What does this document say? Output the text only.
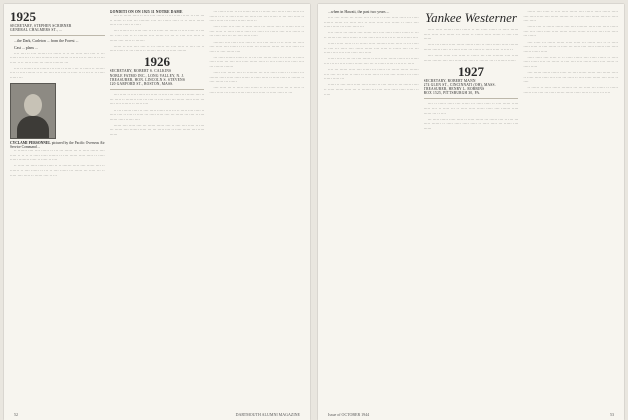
1925
SECRETARY, STEPHEN SCRIBNER
GENERAL CHALMERS ST., ...

...the Dark, Carleton ... from the Forest ...

Cast ... plans ...

···· ···· ·· ···· ······· ··· ······ ·· ·· ··· ····· ···· ···· ·· ··· ······ ···· ··· · ·· ···· ········ ···· ······· ·· ···· ··· ·· ···· ·· ·· ··· ····· ·· ·· ····· ····· ··· ······ ········ ···

···· ·· ······· ···· ······· ··· ···· ·· ····· · ··· ·· ······ ·· ······· ···· ·· ···· ······· ·· ·· ··· ···· ···· ···· ·· ····· ·· ·· ··· ·· ·· ····· ······ ···

CYCLAMI PERSONNEL pictured by the Pacific Overseas Air Service Command ...

·· ······· ···· ···· ······ ·· ··· ··· ······ ··· ·· ····· ······ ···· ····· ·· ·· ·· ·· ····· ····· ······· ·· ···· ······ ····· ····· ·· ····· ······ ········ ····· ·· ····· ·· ····

·· ····· ··· ····· ······ ····· ·· ·· ······· ····· ···· ······ ···· ·· ······· ·· ···· ······ ·· ··· ·· ···· ······ ··· ······ ··· ····· ··· ·· ····· ···· ····· ·· ······ ···· ·· ···

GONDITI ON ON 1925 11 NOTRE DAME

···· ·· ······ ····· ·· ···· ···· ······ ·· ··· ······ ····· ·· ···· ··· ·· ······ ·· ···· ··· ········ ···· ··· ······ ····· ·· ·· ····· ······ ····· ···· ····· ·· ·····

···· ······· ··· ····· ···· ·· ··· ····· ··· ······ ·· ···· ····· ·· ···· ··· ····· ···· ·· ·· ······· ···· ······ ··· ··· ·· ···· ···· ····· ·· ······ ···· ····· ·· ·······

······ ·· ···· ···· ···· ·· ··· ······ ··· ···· ····· ·· ···· ··· ·· ····· ······ ·· ··· ······ ·· ······· ···· ·· ·· ····· ·······

1926
SECRETARY, ROBERT S. CALKINS
NOBLE FATMO INC., LONG VALLEY, N. J.
TREASURER, HON. LINCOLN S. STEVENS
120 GARFORD ST., BOSTON, MASS.

···· ····· ·· ···· ······ ··· ····· ·· ···· ···· ····· ··· ······ ···· ·· ··· ····· ·· ········ ···· ··· ···· ·· ···· ····· ··· ······ ····· ····· ··· ···· ···· ······· ·· ····· ····

·· ··· ······· ····· ·· ···· ····· ······ ···· ··· ·· ····· ···· ····· ·· ····· ···· ·· ···· ·· ····· ··· ····· ····· ···· ··· ······ ··· ···· ·· ···· ······ ····· ······ ····

······ ···· ····· ···· ··· ······ ······ ···· ·· ···· ···· ····· ·· ···· ··· ······ ···· ······· ····· ··· ··· ····· ···· ·· ····· ······ ···· ····· ······

··· ······ ····· ·· ··· ······ ····· ·· ······ ···· ····· ····· ····· ··· ······ ·· ·· ·· ····· ····· ··· ····· ···· ···· ······ ·· ··· ···· ····· ·· ····· ····· ··· ······ ······ ····· ··

····· ····· ···· ···· ·· ····· ····· ··· ······ ···· ·· ······ ···· ·· ···· ····· ·· ····· ······ ····· ··· ····· ··· ······ ···· ···· ······ ·· ··· ····· ···· ··· ··· ···· ····· ·····

········ ···· ····· ···· ····· ·· ···· ···· ····· ·· ·· ····· ··· ····· ···· ····· ···· ······ ·· ·· ····· ··· ········ ······ ··· ···· ····· ··· ····· ·· ···· ······ ····

··· ····· ······· ······ ·· ·· ··· ···· ······ ····· ··· ····· ·· ······ ····· ····· ··· ···· ···· ····· ······ ····· ·· ···· ······ ···· ····· ···· ··· ······· ·······

····· ···· ······ ···· ·· ········ ··· ···· ····· ······ ·· ······ ··· ······· ····· ····· ····· ······ ·· ····· ····· ·· ····· ····· ·· ······· ·· ···· ······ ··· ······

···· ····· ··· ·· ····· ···· ······ ·· ··· ····· ····· ··· ·· ····· ·· ····· ····· ··· ······ ····· ····· ···· ····· ·· ····· ····· ·· ···

52	DARTMOUTH ALUMNI MAGAZINE

...when in Hawaii, the past two years ...

···· ···· ······ ··· ······ ···· ·· ···· ·· ····· ····· ····· ··· ····· ······· ······ ··· ····· ···· ·· ····· ····· ···· ······ ·· ····· ···· ······ ····· ··· ····· ····· ···

···· ······ ··· ······ ···· ······ ···· ···· ····· ······ ······ ·· ··· ·· ······ ···· ····· ······ ·· ···· ····· ···· ···· ··· ·· ····· ······ ····

······ ····· ····· ·· ·· ······ ····· ········ ····· ····· ·· ··· ····· ·· ···· ··· ····· ···· ······ ······ ···· ····· ·· ······ ···· ··· ··· ······ ···· ···· ···· ····· ···· ·····

······ ···· ·· ··· ··· ···· ······ ·· ···· ····· ······ ······ ··· ······ ···· ··· ··· ···· ······ ······ ···· ··· ·· ······ ····· ·· ···· ·· ·····

···· ··· ······ ····· ···· ······ ··· ······ ··· ······ ······ ······· ···· ···· ··· ····· ·· ····· ·· ····· ····· ·· ···· ···· ······· ··· ····· ······ ····· ···

······ ·· ···· ····· ····· ····· ······ ·· ···· ····· ·· ··· ······ ····· ·· ····· ······ ····· ··· ·· ······· ··· ···· ····· ····· ····· ······ ·· ·····

Yankee Westerner

····· ····· ······· ····· ······ ·· ··· ····· ······ ·· ····· ······ ····· ····· ···· ······ ··· ······ ·· ······ ····· ······ ·· ···· ···· ······

····· ··· ······ ····· ······ ······ ····· ·· ····· ······ ····· ······· ······ ······ ····· ·· ······ ····· ··· ······ ·· ····· ····· ·· ···· ··

···· ······ ····· ···· ····· ·· ······ ··· ···· ········ ···· ····· ······ ······· ···· ···· ····· ···· ····· ·· ······· ··· ·· ······· ······

1927
SECRETARY, ROBERT MANN
274 GLEN ST., CINCINNATI (OH), MASS.
TREASURER, HENRY L. ROBBINS
BOX 1525, PITTSBURGH 30, PA.

···· ·· ······ ····· ···· ······ ··· ····· ····· ·· ···· ······ ····· ····· ···· ·· ····· ··· ·· ····· ····· ······ ····· ···· ······· ····· ······ ··· ·· ····

··· ····· ······ ····· ····· ·· ····· ······ ··· ······ ···· ·· ···· ··· ····· ······· ·· ····· ····· ····· ····· ·· ····· ····· ··· ······ ···· ······

······ ···· ····· ·· ···· ····· ······ ···· ······ ····· ······ ····· ···· ····· ····· ···· ······ ······· ··· ·· ····· ···· ······ ····· ·· ····· ···· ·····

······ ···· ·· ······ ······ ···· ···· ········ ····· ···· ····· ······ ···· ···· ····· ····· ····· ······ ······ ······ ··· ···· ···· ···· ····· ··· ······

···· ····· ··· ······ ······ ····· ····· ··· ······ ···· ·· ·· ····· ····· ····· ·· ···· ······ ·· ····· ··· ····· ···· ····· ······· ···· ····· ······ ······ ·····

····· ····· ···· ····· ·· ·· ····· ······ ···· ····· ······ ·· ····· ····· ······ ···· ··· ······ ·· ···· ···· ···· ······ ····· ···· ······ ·· ····· ·····

···· ······ ······ ······ ····· ··· ···· ······ ······ ···· ······ ····· ·· ····· ····· ····· ···· ···· ··· ····· ·· ···· ····· ······ ···· ····· ·· ····

·· ······ ·· ····· ······ ········ ··· ··· ····· ··· ······ ·· ······ ······ ···· ···· ··· ····· ······ ······ ····· ····· ·· ····· ··· ····

Issue of OCTOBER 1944	53
